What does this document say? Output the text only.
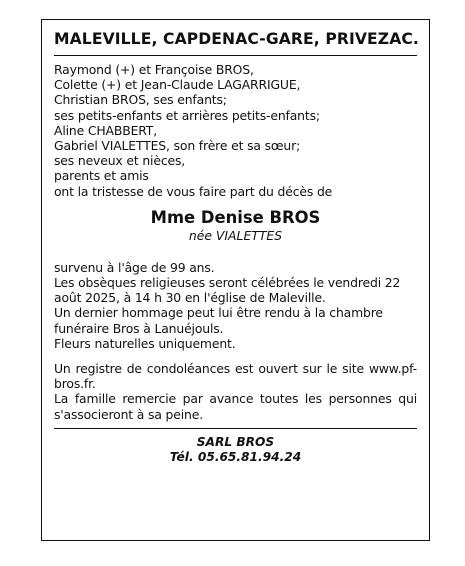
MALEVILLE, CAPDENAC-GARE, PRIVEZAC.
Raymond (+) et Françoise BROS,
Colette (+) et Jean-Claude LAGARRIGUE,
Christian BROS, ses enfants;
ses petits-enfants et arrières petits-enfants;
Aline CHABBERT,
Gabriel VIALETTES, son frère et sa sœur;
ses neveux et nièces,
parents et amis
ont la tristesse de vous faire part du décès de
Mme Denise BROS
née VIALETTES

survenu à l'âge de 99 ans.

Les obsèques religieuses seront célébrées le vendredi 22 août 2025, à 14 h 30 en l'église de Maleville.

Un dernier hommage peut lui être rendu à la chambre funéraire Bros à Lanuéjouls.

Fleurs naturelles uniquement.

Un registre de condoléances est ouvert sur le site www.pf-bros.fr.

La famille remercie par avance toutes les personnes qui s'associeront à sa peine.

SARL BROS
Tél. 05.65.81.94.24
